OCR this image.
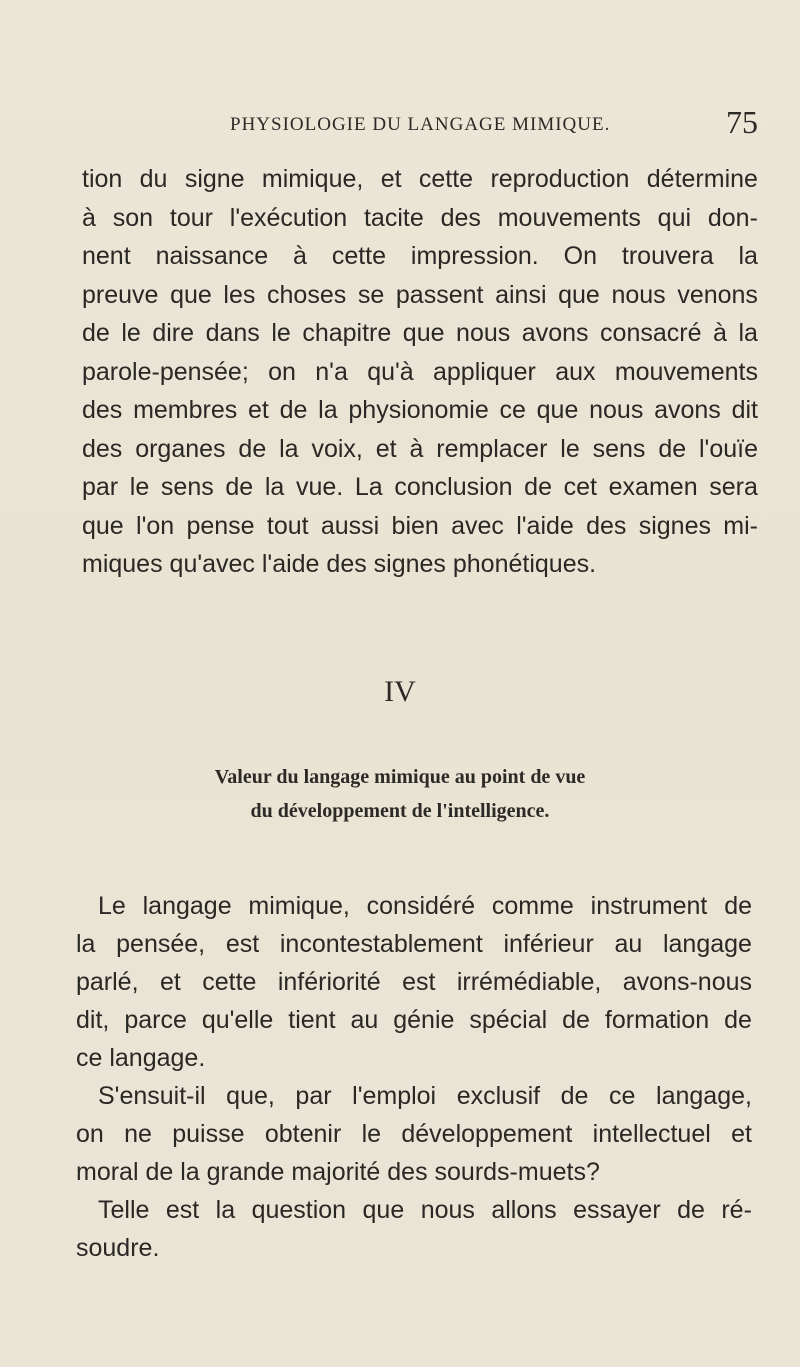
PHYSIOLOGIE DU LANGAGE MIMIQUE.	75
tion du signe mimique, et cette reproduction détermine
à son tour l'exécution tacite des mouvements qui don-
nent naissance à cette impression. On trouvera la
preuve que les choses se passent ainsi que nous venons
de le dire dans le chapitre que nous avons consacré à la
parole-pensée; on n'a qu'à appliquer aux mouvements
des membres et de la physionomie ce que nous avons dit
des organes de la voix, et à remplacer le sens de l'ouïe
par le sens de la vue. La conclusion de cet examen sera
que l'on pense tout aussi bien avec l'aide des signes mi-
miques qu'avec l'aide des signes phonétiques.
IV
Valeur du langage mimique au point de vue
du développement de l'intelligence.
Le langage mimique, considéré comme instrument de
la pensée, est incontestablement inférieur au langage
parlé, et cette infériorité est irrémédiable, avons-nous
dit, parce qu'elle tient au génie spécial de formation de
ce langage.
S'ensuit-il que, par l'emploi exclusif de ce langage,
on ne puisse obtenir le développement intellectuel et
moral de la grande majorité des sourds-muets?
Telle est la question que nous allons essayer de ré-
soudre.
